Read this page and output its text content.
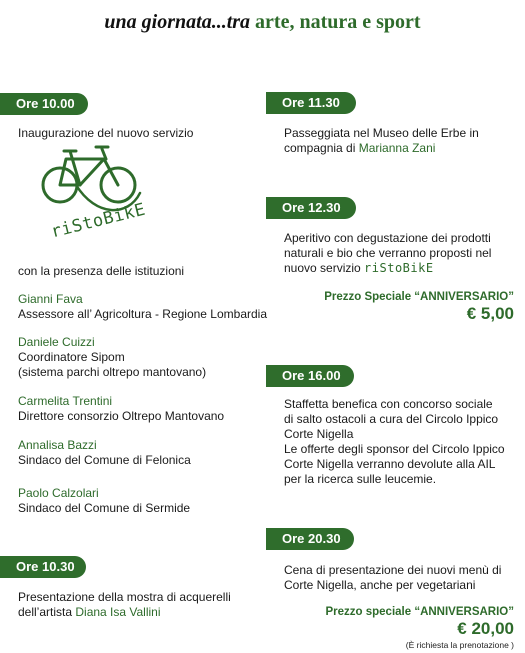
una giornata...tra arte, natura e sport
Ore 10.00
Inaugurazione del nuovo servizio
riStoBikE
con la presenza delle istituzioni
Gianni Fava
Assessore all’ Agricoltura - Regione Lombardia
Daniele Cuizzi
Coordinatore Sipom
(sistema parchi oltrepo mantovano)
Carmelita Trentini
Direttore consorzio Oltrepo Mantovano
Annalisa Bazzi
Sindaco del Comune di Felonica
Paolo Calzolari
Sindaco del Comune di Sermide
Ore 10.30
Presentazione della mostra di acquerelli
dell’artista Diana Isa Vallini
Ore 11.30
Passeggiata nel Museo delle Erbe in
compagnia di Marianna Zani
Ore 12.30
Aperitivo con degustazione dei prodotti
naturali e bio che verranno proposti nel
nuovo servizio riStoBikE
Prezzo Speciale “ANNIVERSARIO”
€ 5,00
Ore 16.00
Staffetta benefica con concorso sociale
di salto ostacoli a cura del Circolo Ippico
Corte Nigella
Le offerte degli sponsor del Circolo Ippico
Corte Nigella verranno devolute alla AIL
per la ricerca sulle leucemie.
Ore 20.30
Cena di presentazione dei nuovi menù di
Corte Nigella, anche per vegetariani
Prezzo speciale “ANNIVERSARIO”
€ 20,00
(È richiesta la prenotazione )
